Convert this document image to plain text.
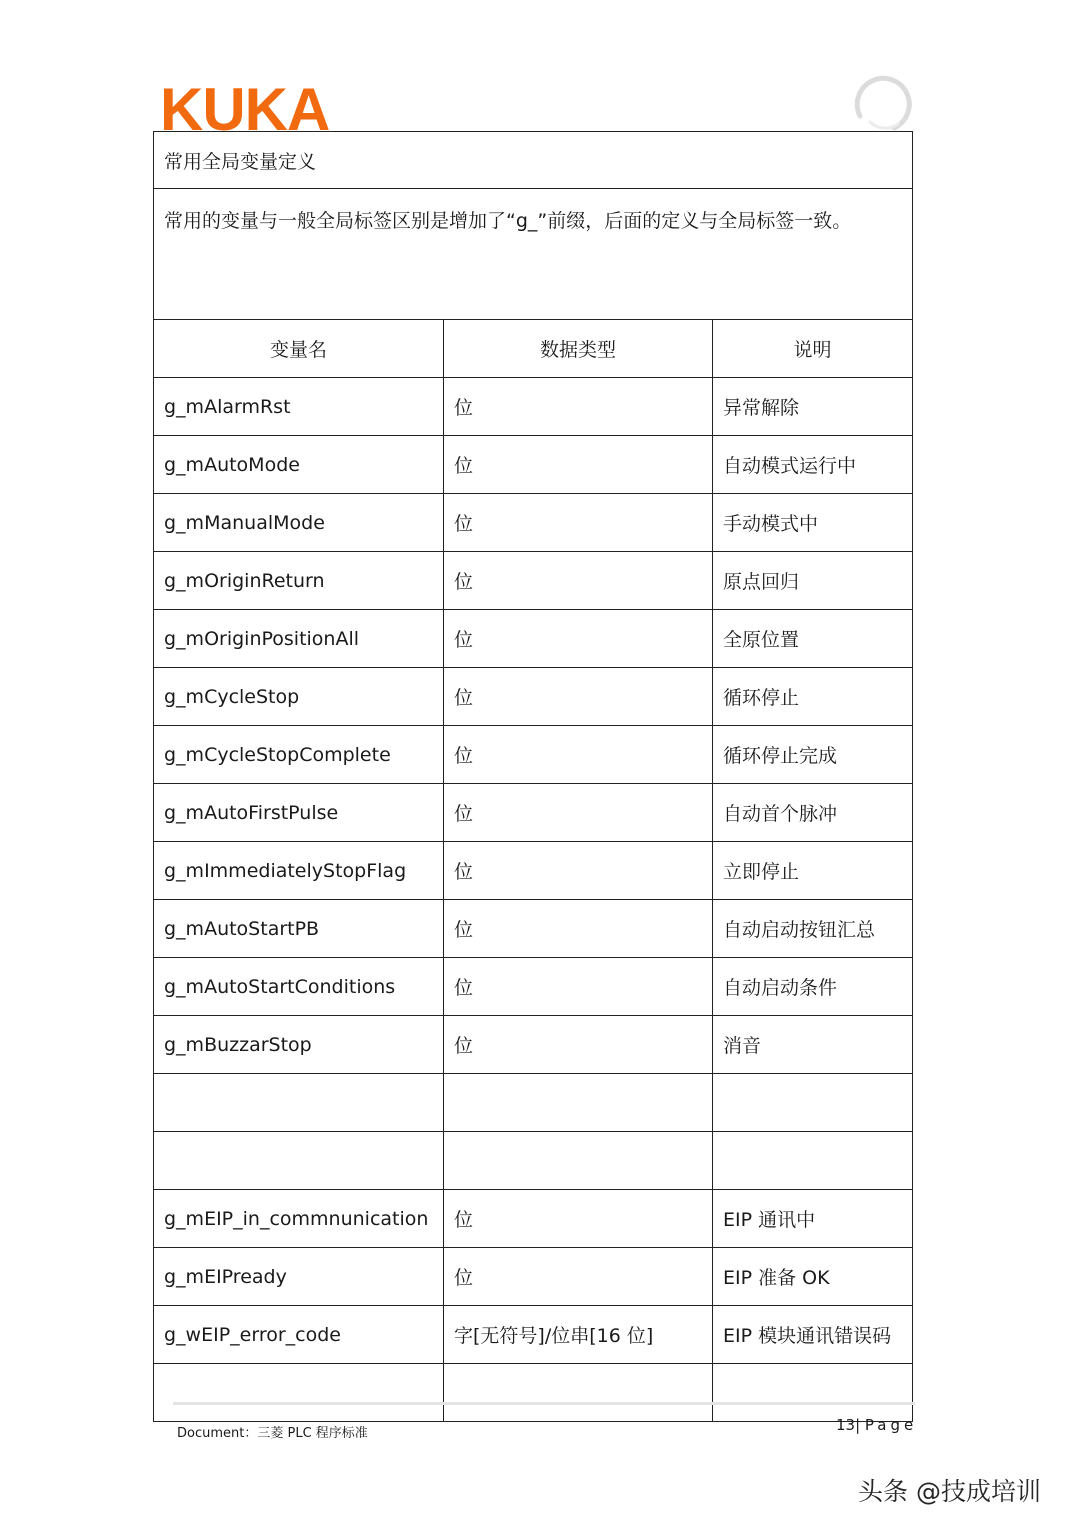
KUKA
常用全局变量定义		
常用的变量与一般全局标签区别是增加了“g_”前缀，后面的定义与全局标签一致。		
变量名	数据类型	说明
g_mAlarmRst	位	异常解除
g_mAutoMode	位	自动模式运行中
g_mManualMode	位	手动模式中
g_mOriginReturn	位	原点回归
g_mOriginPositionAll	位	全原位置
g_mCycleStop	位	循环停止
g_mCycleStopComplete	位	循环停止完成
g_mAutoFirstPulse	位	自动首个脉冲
g_mImmediatelyStopFlag	位	立即停止
g_mAutoStartPB	位	自动启动按钮汇总
g_mAutoStartConditions	位	自动启动条件
g_mBuzzarStop	位	消音

g_mEIP_in_commnunication	位	EIP 通讯中
g_mEIPready	位	EIP 准备 OK
g_wEIP_error_code	字[无符号]/位串[16 位]	EIP 模块通讯错误码

Document：三菱 PLC 程序标准	13| Page
头条 @技成培训
